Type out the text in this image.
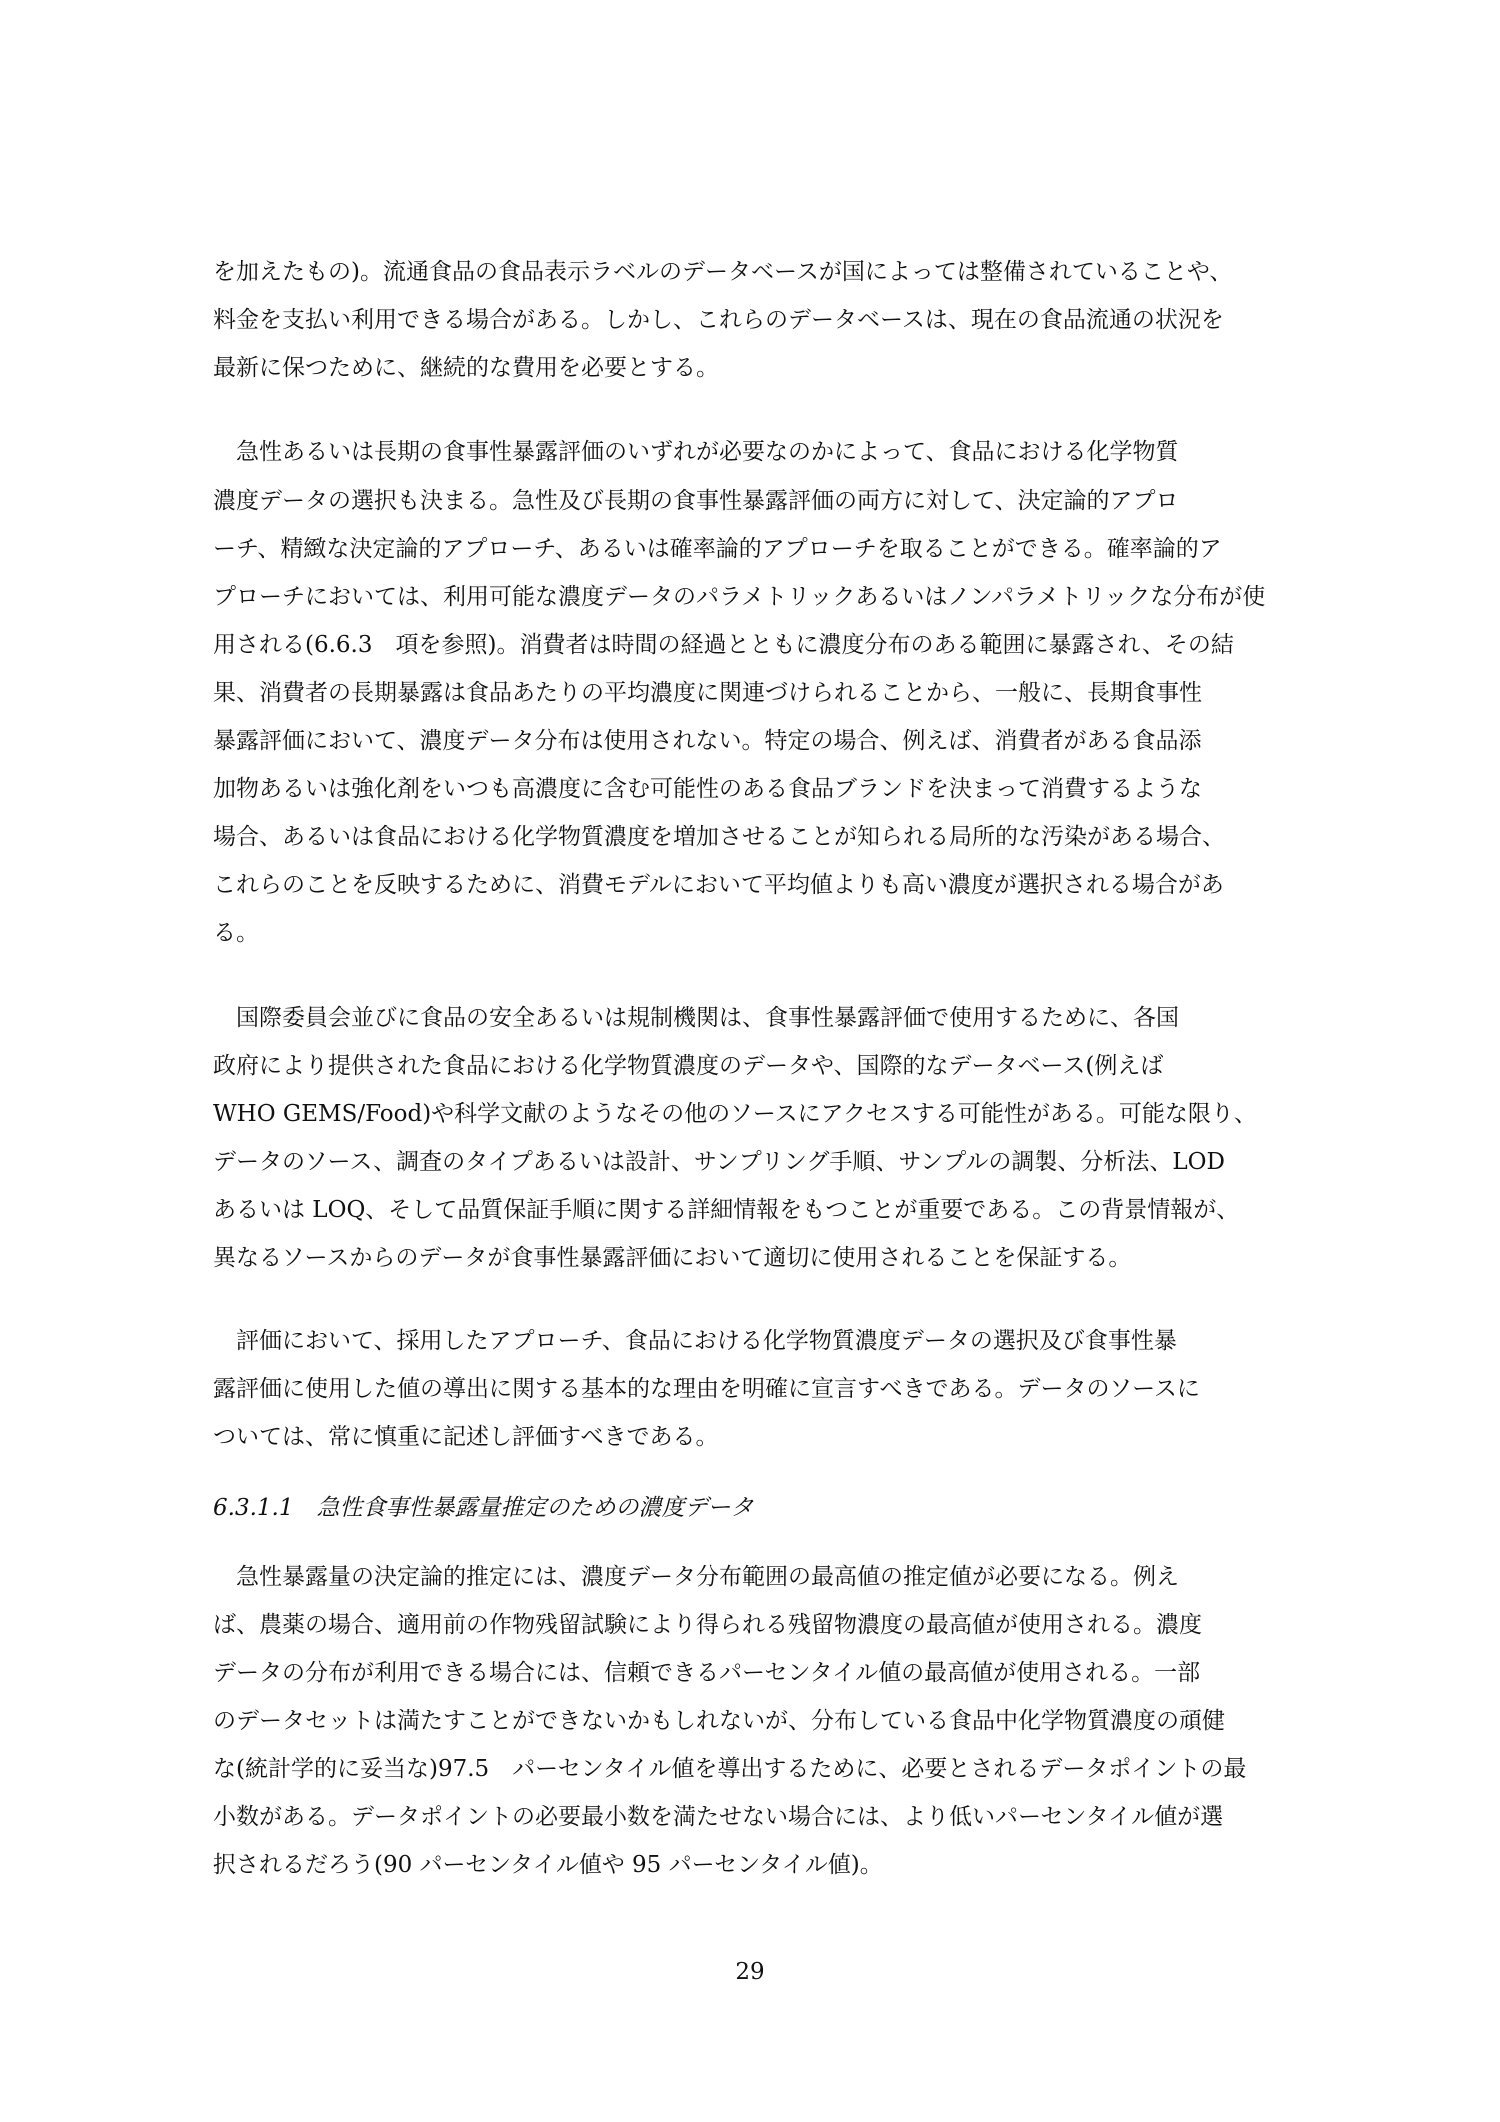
を加えたもの)。流通食品の食品表示ラベルのデータベースが国によっては整備されていることや、
料金を支払い利用できる場合がある。しかし、これらのデータベースは、現在の食品流通の状況を
最新に保つために、継続的な費用を必要とする。
　急性あるいは長期の食事性暴露評価のいずれが必要なのかによって、食品における化学物質
濃度データの選択も決まる。急性及び長期の食事性暴露評価の両方に対して、決定論的アプロ
ーチ、精緻な決定論的アプローチ、あるいは確率論的アプローチを取ることができる。確率論的ア
プローチにおいては、利用可能な濃度データのパラメトリックあるいはノンパラメトリックな分布が使
用される(6.6.3　項を参照)。消費者は時間の経過とともに濃度分布のある範囲に暴露され、その結
果、消費者の長期暴露は食品あたりの平均濃度に関連づけられることから、一般に、長期食事性
暴露評価において、濃度データ分布は使用されない。特定の場合、例えば、消費者がある食品添
加物あるいは強化剤をいつも高濃度に含む可能性のある食品ブランドを決まって消費するような
場合、あるいは食品における化学物質濃度を増加させることが知られる局所的な汚染がある場合、
これらのことを反映するために、消費モデルにおいて平均値よりも高い濃度が選択される場合があ
る。
　国際委員会並びに食品の安全あるいは規制機関は、食事性暴露評価で使用するために、各国
政府により提供された食品における化学物質濃度のデータや、国際的なデータベース(例えば
WHO GEMS/Food)や科学文献のようなその他のソースにアクセスする可能性がある。可能な限り、
データのソース、調査のタイプあるいは設計、サンプリング手順、サンプルの調製、分析法、LOD
あるいは LOQ、そして品質保証手順に関する詳細情報をもつことが重要である。この背景情報が、
異なるソースからのデータが食事性暴露評価において適切に使用されることを保証する。
　評価において、採用したアプローチ、食品における化学物質濃度データの選択及び食事性暴
露評価に使用した値の導出に関する基本的な理由を明確に宣言すべきである。データのソースに
ついては、常に慎重に記述し評価すべきである。
6.3.1.1　急性食事性暴露量推定のための濃度データ
　急性暴露量の決定論的推定には、濃度データ分布範囲の最高値の推定値が必要になる。例え
ば、農薬の場合、適用前の作物残留試験により得られる残留物濃度の最高値が使用される。濃度
データの分布が利用できる場合には、信頼できるパーセンタイル値の最高値が使用される。一部
のデータセットは満たすことができないかもしれないが、分布している食品中化学物質濃度の頑健
な(統計学的に妥当な)97.5　パーセンタイル値を導出するために、必要とされるデータポイントの最
小数がある。データポイントの必要最小数を満たせない場合には、より低いパーセンタイル値が選
択されるだろう(90 パーセンタイル値や 95 パーセンタイル値)。
29
